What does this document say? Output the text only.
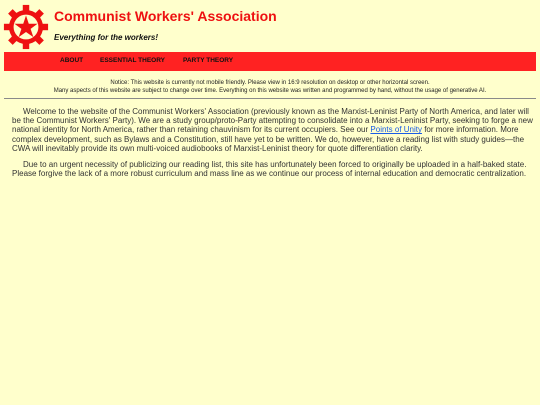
Communist Workers' Association
Everything for the workers!
ABOUT	ESSENTIAL THEORY	PARTY THEORY
Notice: This website is currently not mobile friendly. Please view in 16:9 resolution on desktop or other horizontal screen.
Many aspects of this website are subject to change over time. Everything on this website was written and programmed by hand, without the usage of generative AI.

Welcome to the website of the Communist Workers' Association (previously known as the Marxist-Leninist Party of North America, and later will be the Communist Workers' Party). We are a study group/proto-Party attempting to consolidate into a Marxist-Leninist Party, seeking to forge a new national identity for North America, rather than retaining chauvinism for its current occupiers. See our Points of Unity for more information. More complex development, such as Bylaws and a Constitution, still have yet to be written. We do, however, have a reading list with study guides—the CWA will inevitably provide its own multi-voiced audiobooks of Marxist-Leninist theory for quote differentiation clarity.

Due to an urgent necessity of publicizing our reading list, this site has unfortunately been forced to originally be uploaded in a half-baked state. Please forgive the lack of a more robust curriculum and mass line as we continue our process of internal education and democratic centralization.
